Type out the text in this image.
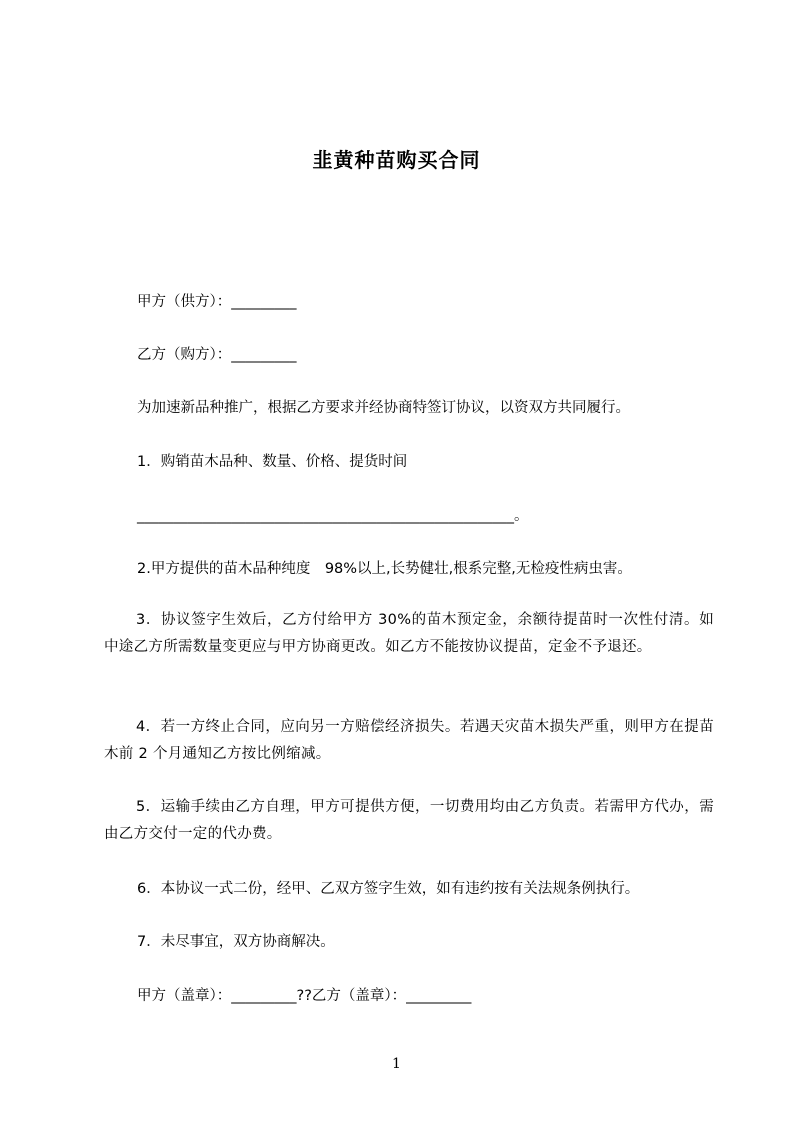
韭黄种苗购买合同
甲方（供方）：_________
乙方（购方）：_________
为加速新品种推广，根据乙方要求并经协商特签订协议，以资双方共同履行。
1．购销苗木品种、数量、价格、提货时间
____________________________________________________。
2.甲方提供的苗木品种纯度　98%以上,长势健壮,根系完整,无检疫性病虫害。
3．协议签字生效后，乙方付给甲方 30%的苗木预定金，余额待提苗时一次性付清。如中途乙方所需数量变更应与甲方协商更改。如乙方不能按协议提苗，定金不予退还。
4．若一方终止合同，应向另一方赔偿经济损失。若遇天灾苗木损失严重，则甲方在提苗木前 2 个月通知乙方按比例缩减。
5．运输手续由乙方自理，甲方可提供方便，一切费用均由乙方负责。若需甲方代办，需由乙方交付一定的代办费。
6．本协议一式二份，经甲、乙双方签字生效，如有违约按有关法规条例执行。
7．未尽事宜，双方协商解决。
甲方（盖章）：_________??乙方（盖章）：_________
1
